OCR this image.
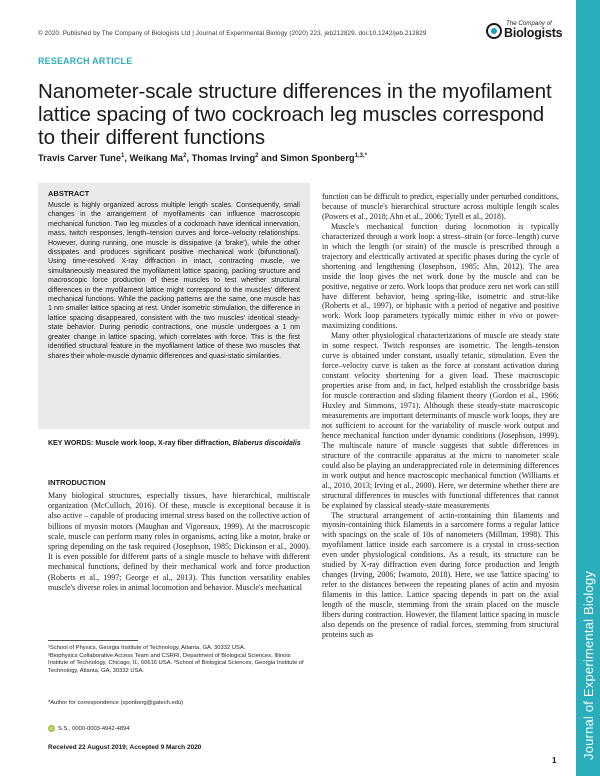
© 2020. Published by The Company of Biologists Ltd | Journal of Experimental Biology (2020) 223, jeb212829. doi:10.1242/jeb.212829
The Company of
Biologists
Journal of Experimental Biology
RESEARCH ARTICLE
Nanometer-scale structure differences in the myofilament lattice spacing of two cockroach leg muscles correspond to their different functions
Travis Carver Tune$^1$, Weikang Ma$^2$, Thomas Irving$^2$ and Simon Sponberg$^{1,3,*}$
ABSTRACT
Muscle is highly organized across multiple length scales. Consequently, small changes in the arrangement of myofilaments can influence macroscopic mechanical function. Two leg muscles of a cockroach have identical innervation, mass, twitch responses, length–tension curves and force–velocity relationships. However, during running, one muscle is dissipative (a 'brake'), while the other dissipates and produces significant positive mechanical work (bifunctional). Using time-resolved X-ray diffraction in intact, contracting muscle, we simultaneously measured the myofilament lattice spacing, packing structure and macroscopic force production of these muscles to test whether structural differences in the myofilament lattice might correspond to the muscles' different mechanical functions. While the packing patterns are the same, one muscle has 1 nm smaller lattice spacing at rest. Under isometric stimulation, the difference in lattice spacing disappeared, consistent with the two muscles' identical steady-state behavior. During periodic contractions, one muscle undergoes a 1 nm greater change in lattice spacing, which correlates with force. This is the first identified structural feature in the myofilament lattice of these two muscles that shares their whole-muscle dynamic differences and quasi-static similarities.
KEY WORDS: Muscle work loop, X-ray fiber diffraction, Blaberus discoidalis
INTRODUCTION
Many biological structures, especially tissues, have hierarchical, multiscale organization (McCulloch, 2016). Of these, muscle is exceptional because it is also active – capable of producing internal stress based on the collective action of billions of myosin motors (Maughan and Vigoreaux, 1999). At the macroscopic scale, muscle can perform many roles in organisms, acting like a motor, brake or spring depending on the task required (Josephson, 1985; Dickinson et al., 2000). It is even possible for different parts of a single muscle to behave with different mechanical functions, defined by their mechanical work and force production (Roberts et al., 1997; George et al., 2013). This function versatility enables muscle's diverse roles in animal locomotion and behavior. Muscle's mechanical
¹School of Physics, Georgia Institute of Technology, Atlanta, GA, 30332 USA.
²Biophysics Collaborative Access Team and CSRRI, Department of Biological Sciences, Illinois Institute of Technology, Chicago, IL, 60616 USA. ³School of Biological Sciences, Georgia Institute of Technology, Atlanta, GA, 30332 USA.
*Author for correspondence (sponberg@gatech.edu)
iD S.S., 0000-0003-4942-4894
Received 22 August 2019; Accepted 9 March 2020

function can be difficult to predict, especially under perturbed conditions, because of muscle's hierarchical structure across multiple length scales (Powers et al., 2018; Ahn et al., 2006; Tytell et al., 2018).

Muscle's mechanical function during locomotion is typically characterized through a work loop: a stress–strain (or force–length) curve in which the length (or strain) of the muscle is prescribed through a trajectory and electrically activated at specific phases during the cycle of shortening and lengthening (Josephson, 1985; Ahn, 2012). The area inside the loop gives the net work done by the muscle and can be positive, negative or zero. Work loops that produce zero net work can still have different behavior, being spring-like, isometric and strut-like (Roberts et al., 1997), or biphasic with a period of negative and positive work. Work loop parameters typically mimic either in vivo or power-maximizing conditions.

Many other physiological characterizations of muscle are steady state in some respect. Twitch responses are isometric. The length–tension curve is obtained under constant, usually tetanic, stimulation. Even the force–velocity curve is taken as the force at constant activation during constant velocity shortening for a given load. These macroscopic properties arise from and, in fact, helped establish the crossbridge basis for muscle contraction and sliding filament theory (Gordon et al., 1966; Huxley and Simmons, 1971). Although these steady-state macroscopic measurements are important determinants of muscle work loops, they are not sufficient to account for the variability of muscle work output and hence mechanical function under dynamic conditions (Josephson, 1999). The multiscale nature of muscle suggests that subtle differences in structure of the contractile apparatus at the micro to nanometer scale could also be playing an underappreciated role in determining differences in work output and hence macroscopic mechanical function (Williams et al., 2010, 2013; Irving et al., 2000). Here, we determine whether there are structural differences in muscles with functional differences that cannot be explained by classical steady-state measurements

The structural arrangement of actin-containing thin filaments and myosin-containing thick filaments in a sarcomere forms a regular lattice with spacings on the scale of 10s of nanometers (Millman, 1998). This myofilament lattice inside each sarcomere is a crystal in cross-section even under physiological conditions. As a result, its structure can be studied by X-ray diffraction even during force production and length changes (Irving, 2006; Iwamoto, 2018). Here, we use 'lattice spacing' to refer to the distances between the repeating planes of actin and myosin filaments in this lattice. Lattice spacing depends in part on the axial length of the muscle, stemming from the strain placed on the muscle fibers during contraction. However, the filament lattice spacing in muscle also depends on the presence of radial forces, stemming from structural proteins such as

1
